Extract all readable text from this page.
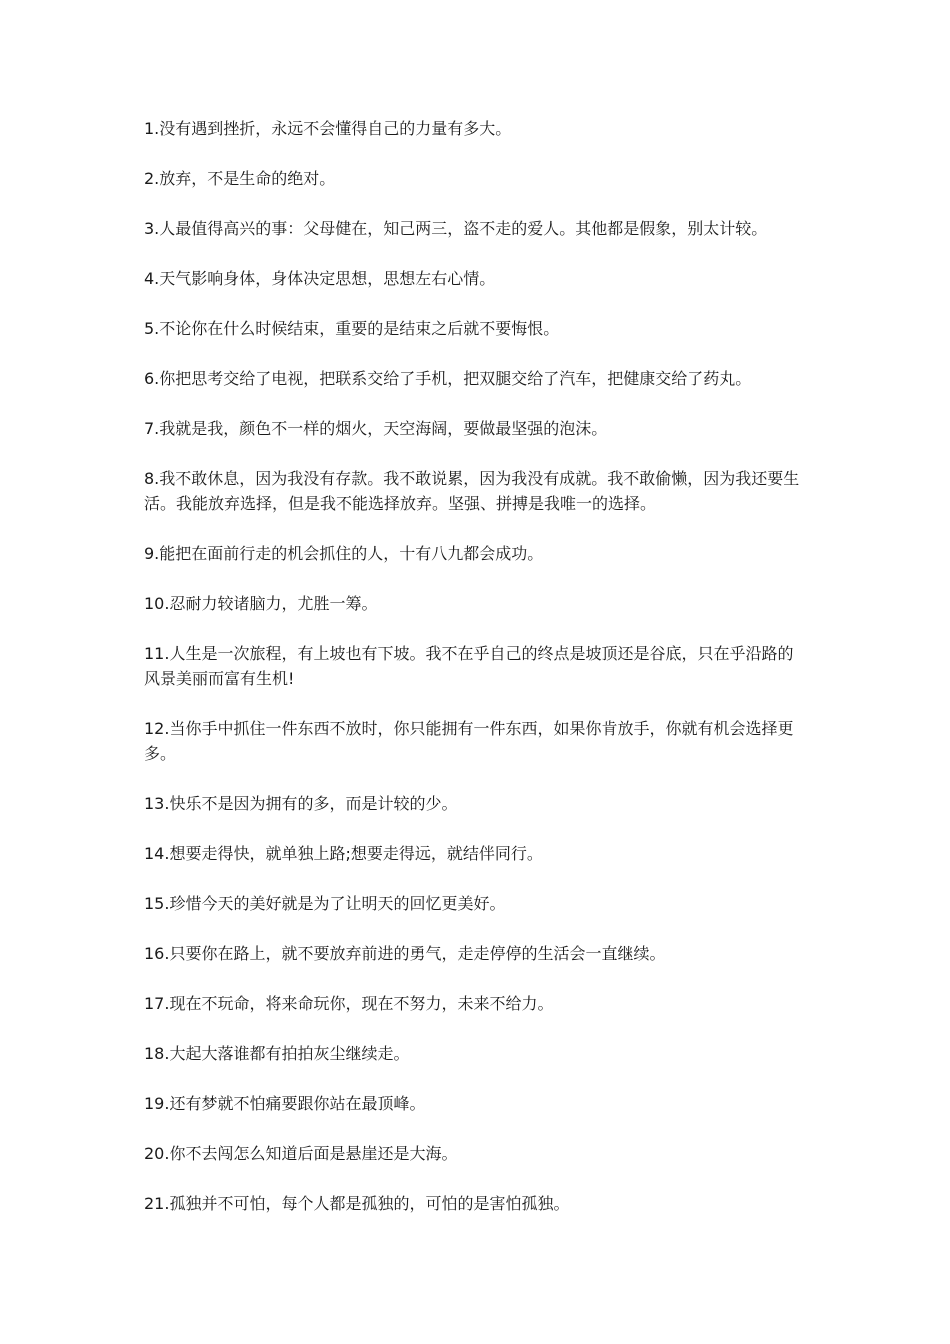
1.没有遇到挫折，永远不会懂得自己的力量有多大。

2.放弃，不是生命的绝对。

3.人最值得高兴的事：父母健在，知己两三，盗不走的爱人。其他都是假象，别太计较。

4.天气影响身体，身体决定思想，思想左右心情。

5.不论你在什么时候结束，重要的是结束之后就不要悔恨。

6.你把思考交给了电视，把联系交给了手机，把双腿交给了汽车，把健康交给了药丸。

7.我就是我，颜色不一样的烟火，天空海阔，要做最坚强的泡沫。

8.我不敢休息，因为我没有存款。我不敢说累，因为我没有成就。我不敢偷懒，因为我还要生活。我能放弃选择，但是我不能选择放弃。坚强、拼搏是我唯一的选择。

9.能把在面前行走的机会抓住的人，十有八九都会成功。

10.忍耐力较诸脑力，尤胜一筹。

11.人生是一次旅程，有上坡也有下坡。我不在乎自己的终点是坡顶还是谷底，只在乎沿路的风景美丽而富有生机!

12.当你手中抓住一件东西不放时，你只能拥有一件东西，如果你肯放手，你就有机会选择更多。

13.快乐不是因为拥有的多，而是计较的少。

14.想要走得快，就单独上路;想要走得远，就结伴同行。

15.珍惜今天的美好就是为了让明天的回忆更美好。

16.只要你在路上，就不要放弃前进的勇气，走走停停的生活会一直继续。

17.现在不玩命，将来命玩你，现在不努力，未来不给力。

18.大起大落谁都有拍拍灰尘继续走。

19.还有梦就不怕痛要跟你站在最顶峰。

20.你不去闯怎么知道后面是悬崖还是大海。

21.孤独并不可怕，每个人都是孤独的，可怕的是害怕孤独。
